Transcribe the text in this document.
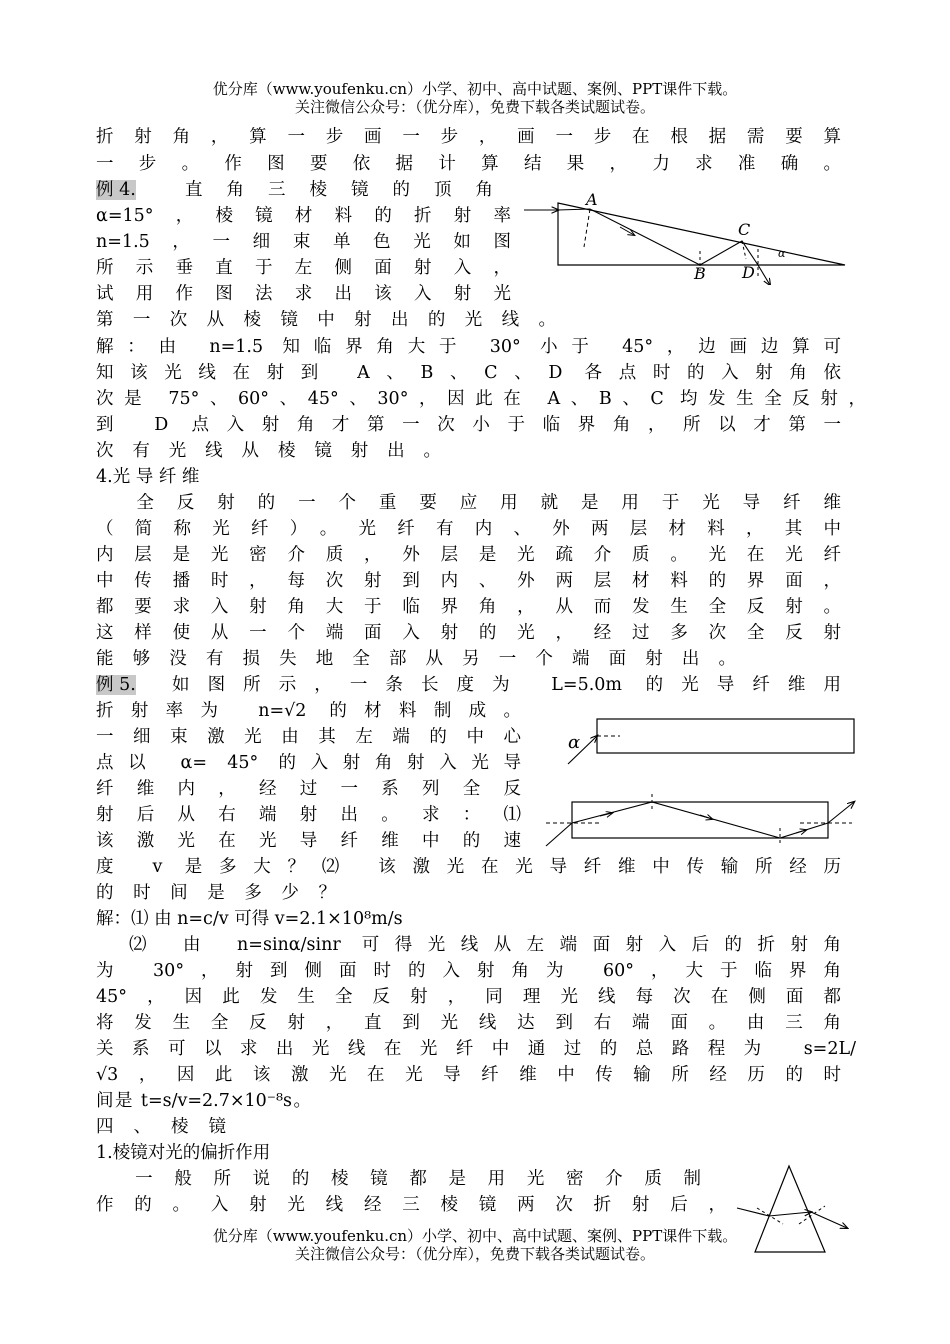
优分库（www.youfenku.cn）小学、初中、高中试题、案例、PPT课件下载。
关注微信公众号：（优分库），免费下载各类试题试卷。
折射角，算一步画一步，画一步在根据需要算
一步。作图要依据计算结果，力求准确。
例 4.	直角三棱镜的顶角
α=15°，棱镜材料的折射率
n=1.5，一细束单色光如图
所示垂直于左侧面射入，
试用作图法求出该入射光
第一次从棱镜中射出的光线。
A
B
C
D
α
解：由 n=1.5 知临界角大于 30° 小于 45°，边画边算可
知该光线在射到 A、B、C、D 各点时的入射角依
次是 75°、60°、45°、30°，因此在 A、B、C 均发生全反射，
到 D 点入射角才第一次小于临界角，所以才第一
次有光线从棱镜射出。
4.光 导 纤 维
　全反射的一个重要应用就是用于光导纤维
（简称光纤）。光纤有内、外两层材料，其中
内层是光密介质，外层是光疏介质。光在光纤
中传播时，每次射到内、外两层材料的界面，
都要求入射角大于临界角，从而发生全反射。
这样使从一个端面入射的光，经过多次全反射
能够没有损失地全部从另一个端面射出。
例 5.	如图所示，一条长度为 L=5.0m 的光导纤维用
折射率为 n=√2 的材料制成。
一细束激光由其左端的中心
点以 α= 45° 的入射角射入光导
纤维内，经过一系列全反
射后从右端射出。求：⑴
该激光在光导纤维中的速
度 v 是多大？⑵ 该激光在光导纤维中传输所经历
的时间是多少？
α
解：⑴ 由 n=c/v 可得 v=2.1×10⁸m/s
　⑵ 由 n=sinα/sinr 可得光线从左端面射入后的折射角
为 30°，射到侧面时的入射角为 60°，大于临界角
45°，因此发生全反射，同理光线每次在侧面都
将发生全反射，直到光线达到右端面。由三角
关系可以求出光线在光纤中通过的总路程为 s=2L/
√3，因此该激光在光导纤维中传输所经历的时
间是 t=s/v=2.7×10⁻⁸s。
四、棱镜
1.棱镜对光的偏折作用
　一般所说的棱镜都是用光密介质制
作的。入射光线经三棱镜两次折射后，
优分库（www.youfenku.cn）小学、初中、高中试题、案例、PPT课件下载。
关注微信公众号：（优分库），免费下载各类试题试卷。
